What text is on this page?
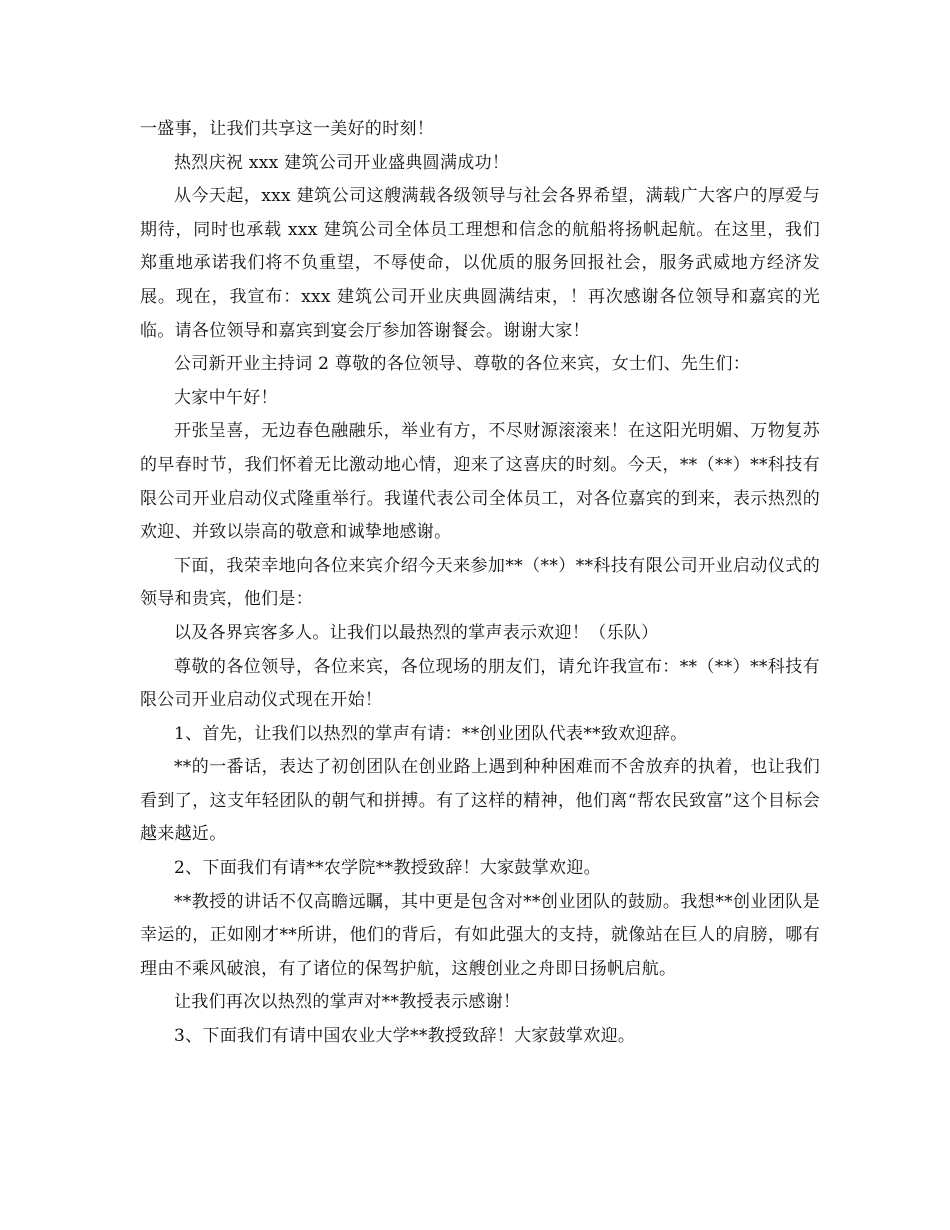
一盛事，让我们共享这一美好的时刻！

热烈庆祝 xxx 建筑公司开业盛典圆满成功！

从今天起，xxx 建筑公司这艘满载各级领导与社会各界希望，满载广大客户的厚爱与期待，同时也承载 xxx 建筑公司全体员工理想和信念的航船将扬帆起航。在这里，我们郑重地承诺我们将不负重望，不辱使命，以优质的服务回报社会，服务武威地方经济发展。现在，我宣布：xxx 建筑公司开业庆典圆满结束，！再次感谢各位领导和嘉宾的光临。请各位领导和嘉宾到宴会厅参加答谢餐会。谢谢大家！

公司新开业主持词 2 尊敬的各位领导、尊敬的各位来宾，女士们、先生们：

大家中午好！

开张呈喜，无边春色融融乐，举业有方，不尽财源滚滚来！在这阳光明媚、万物复苏的早春时节，我们怀着无比激动地心情，迎来了这喜庆的时刻。今天，**（**）**科技有限公司开业启动仪式隆重举行。我谨代表公司全体员工，对各位嘉宾的到来，表示热烈的欢迎、并致以崇高的敬意和诚挚地感谢。

下面，我荣幸地向各位来宾介绍今天来参加**（**）**科技有限公司开业启动仪式的领导和贵宾，他们是：

以及各界宾客多人。让我们以最热烈的掌声表示欢迎！（乐队）

尊敬的各位领导，各位来宾，各位现场的朋友们，请允许我宣布：**（**）**科技有限公司开业启动仪式现在开始！

1、首先，让我们以热烈的掌声有请：**创业团队代表**致欢迎辞。

**的一番话，表达了初创团队在创业路上遇到种种困难而不舍放弃的执着，也让我们看到了，这支年轻团队的朝气和拼搏。有了这样的精神，他们离“帮农民致富”这个目标会越来越近。

2、下面我们有请**农学院**教授致辞！大家鼓掌欢迎。

**教授的讲话不仅高瞻远瞩，其中更是包含对**创业团队的鼓励。我想**创业团队是幸运的，正如刚才**所讲，他们的背后，有如此强大的支持，就像站在巨人的肩膀，哪有理由不乘风破浪，有了诸位的保驾护航，这艘创业之舟即日扬帆启航。

让我们再次以热烈的掌声对**教授表示感谢！

3、下面我们有请中国农业大学**教授致辞！大家鼓掌欢迎。
